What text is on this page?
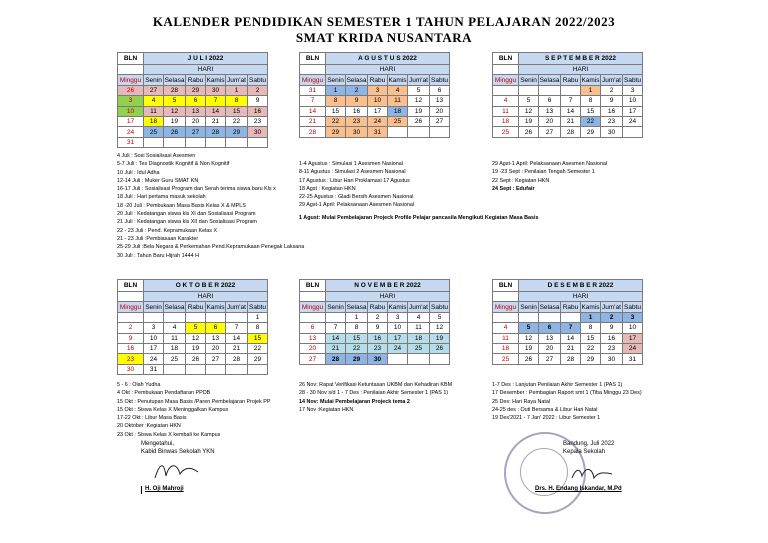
KALENDER PENDIDIKAN SEMESTER 1 TAHUN PELAJARAN 2022/2023
SMAT KRIDA NUSANTARA
BLN	J U L I 2022					
	HARI					
Minggu	Senin	Selasa	Rabu	Kamis	Jum'at	Sabtu
26	27	28	29	30	1	2
3	4	5	6	7	8	9
10	11	12	13	14	15	16
17	18	19	20	21	22	23
24	25	26	27	28	29	30
31						
BLN	A G U S T U S 2022					
	HARI					
Minggu	Senin	Selasa	Rabu	Kamis	Jum'at	Sabtu
31	1	2	3	4	5	6
7	8	9	10	11	12	13
14	15	16	17	18	19	20
21	22	23	24	25	26	27
28	29	30	31			
BLN	S E P T E M B E R 2022					
	HARI					
Minggu	Senin	Selasa	Rabu	Kamis	Jum'at	Sabtu
				1	2	3
4	5	6	7	8	9	10
11	12	13	14	15	16	17
18	19	20	21	22	23	24
25	26	27	28	29	30	
BLN	O K T O B E R 2022					
	HARI					
Minggu	Senin	Selasa	Rabu	Kamis	Jum'at	Sabtu
						1
2	3	4	5	6	7	8
9	10	11	12	13	14	15
16	17	18	19	20	21	22
23	24	25	26	27	28	29
30	31					
BLN	N O V E M B E R 2022					
	HARI					
Minggu	Senin	Selasa	Rabu	Kamis	Jum'at	Sabtu
		1	2	3	4	5
6	7	8	9	10	11	12
13	14	15	16	17	18	19
20	21	22	23	24	25	26
27	28	29	30			
BLN	D E S E M B E R 2022					
	HARI					
Minggu	Senin	Selasa	Rabu	Kamis	Jum'at	Sabtu
				1	2	3
4	5	6	7	8	9	10
11	12	13	14	15	16	17
18	19	20	21	22	23	24
25	26	27	28	29	30	31
4 Juli : Sosi Sosialisasi Asesmen
5-7 Juli : Tes Diagnostik Kognitif & Non Kognitif
10 Juli : Idul Adha
12-14 Juli : Muker Guru SMAT KN
16-17 Juli : Sosialisasi Program dan Serah terima siswa baru Kls x
18 Juli : Hari pertama masuk sekolah
18 -20 Juli : Pembukaan Masa Basis Kelas X & MPLS
20 Juli : Kedatangan siswa kls XI dan Sosialisasi Program
21 Juli : Kedatangan siswa kls XII dan Sosialisasi Program
22 - 23 Juli : Pend. Kepramukaan Kelas X
21 - 23 Juli :Pembiasaan Karakter
25-29 Juli :Bela Negara & Perkemahan Pend.Kepramukaan Penegak Laksana
30 Juli : Tahun Baru Hijrah 1444 H
1-4 Agustus : Simulasi 1 Asesmen Nasional
8-11 Agustus : Simulasi 2 Asesmen Nasional
17 Agustus : Libur Hari Proklamasi 17 Agustus
18 Agst : Kegiatan HKN
22-25 Agustus : Gladi Bersih Asesmen Nasional
29 Agst-1 April: Pelaksanaan Asesmen Nasional
1 Agust: Mulai Pembelajaran Projeck Profile Pelajar pancasila Mengikuti Kegiatan Masa Basis
29 Agst-1 April: Pelaksanaan Asesmen Nasional
19 -23 Sept : Penilaian Tengah Semester 1
22 Sept : Kegiatan HKN
24 Sept : Edufair
5 - 6 : Olah Yudha
4 Okt : Pembukaan Pendaftaran PPDB
15 Okt : Penutupan Masa Basis /Paren Pembelajaran Projek PP
15 Okt : Siswa Kelas X Meninggalkan Kampus
17-22 Okt : Libur Masa Basis
20 Oktober :Kegiatan HKN
23 Okt : Siswa Kelas X kembali ke Kampus
26 Nov: Rapat Verifikasi Ketuntasan UKBM dan Kehadiran KBM
28 - 30 Nov s/d 1 - 7 Des : Penilaian Akhir Semester 1 (PAS 1)
14 Nov: Mulai Pembelajaran Projeck tema 2
17 Nov :Kegiatan HKN
1-7 Des : Lanjutan Penilaian Akhir Semester 1 (PAS 1)
17 Desember : Pembagian Raport smt 1 (Tiba Minggu 23 Des)
25 Des: Hari Raya Natal
24-25 des : Outi Bersama & Libur Hari Natal
19 Des'2021 - 7 Jan' 2022 : Libur Semester 1
Mengetahui,
Kabid Binwas Sekolah YKN
H. Oji Mahroji
Bandung, Juli 2022
Kepala Sekolah
Drs. H. Endang Iskandar, M.Pd
